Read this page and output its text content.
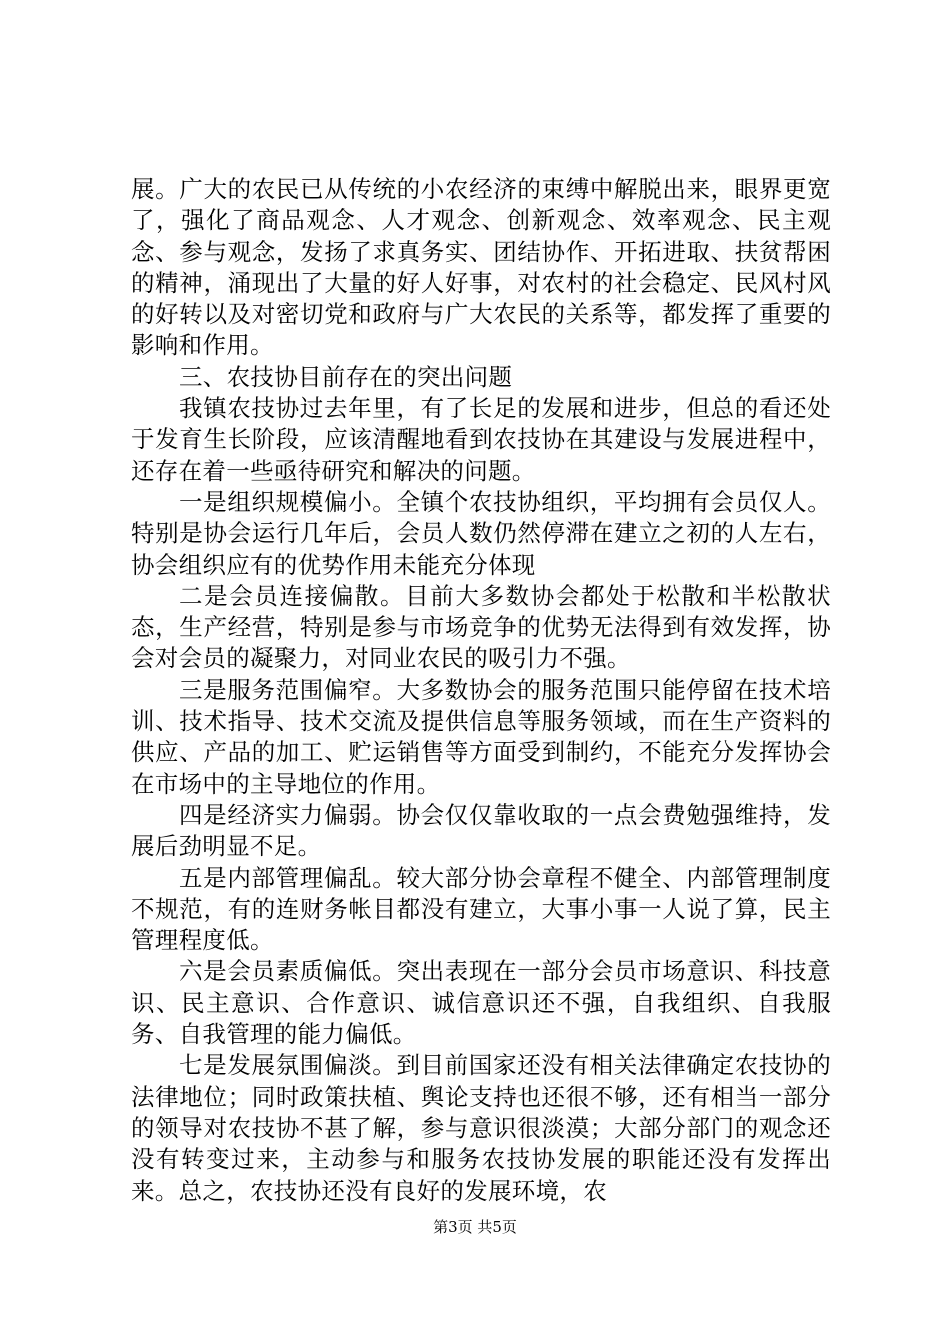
展。广大的农民已从传统的小农经济的束缚中解脱出来，眼界更宽了，强化了商品观念、人才观念、创新观念、效率观念、民主观念、参与观念，发扬了求真务实、团结协作、开拓进取、扶贫帮困的精神，涌现出了大量的好人好事，对农村的社会稳定、民风村风的好转以及对密切党和政府与广大农民的关系等，都发挥了重要的影响和作用。

三、农技协目前存在的突出问题

我镇农技协过去年里，有了长足的发展和进步，但总的看还处于发育生长阶段，应该清醒地看到农技协在其建设与发展进程中，还存在着一些亟待研究和解决的问题。

一是组织规模偏小。全镇个农技协组织，平均拥有会员仅人。特别是协会运行几年后，会员人数仍然停滞在建立之初的人左右，协会组织应有的优势作用未能充分体现

二是会员连接偏散。目前大多数协会都处于松散和半松散状态，生产经营，特别是参与市场竞争的优势无法得到有效发挥，协会对会员的凝聚力，对同业农民的吸引力不强。

三是服务范围偏窄。大多数协会的服务范围只能停留在技术培训、技术指导、技术交流及提供信息等服务领域，而在生产资料的供应、产品的加工、贮运销售等方面受到制约，不能充分发挥协会在市场中的主导地位的作用。

四是经济实力偏弱。协会仅仅靠收取的一点会费勉强维持，发展后劲明显不足。

五是内部管理偏乱。较大部分协会章程不健全、内部管理制度不规范，有的连财务帐目都没有建立，大事小事一人说了算，民主管理程度低。

六是会员素质偏低。突出表现在一部分会员市场意识、科技意识、民主意识、合作意识、诚信意识还不强，自我组织、自我服务、自我管理的能力偏低。

七是发展氛围偏淡。到目前国家还没有相关法律确定农技协的法律地位；同时政策扶植、舆论支持也还很不够，还有相当一部分的领导对农技协不甚了解，参与意识很淡漠；大部分部门的观念还没有转变过来，主动参与和服务农技协发展的职能还没有发挥出来。总之，农技协还没有良好的发展环境，农

第3页 共5页
